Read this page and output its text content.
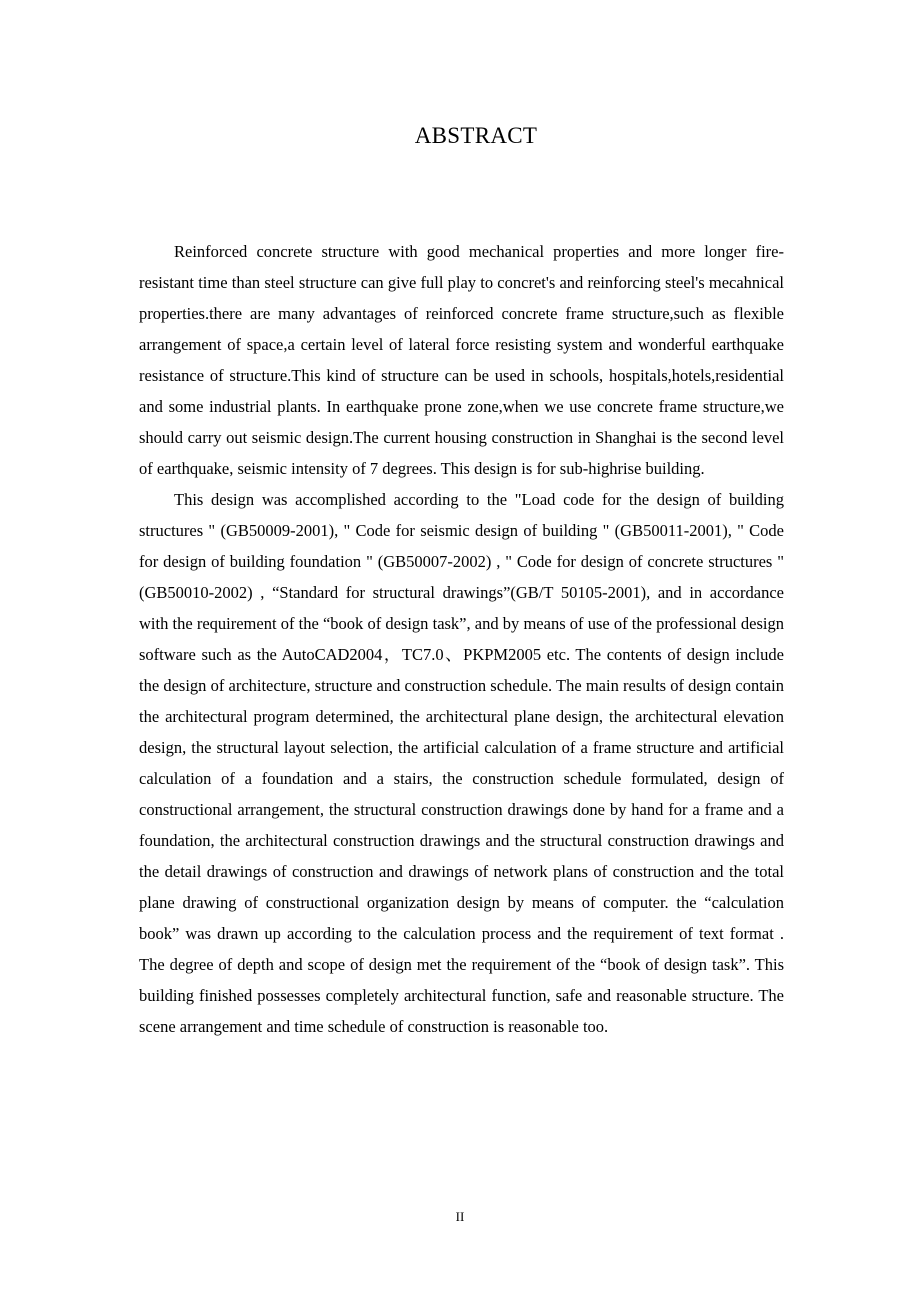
ABSTRACT

Reinforced concrete structure with good mechanical properties and more longer fire-resistant time than steel structure can give full play to concret's and reinforcing steel's mecahnical properties.there are many advantages of reinforced concrete frame structure,such as flexible arrangement of space,a certain level of lateral force resisting system and wonderful earthquake resistance of structure.This kind of structure can be used in schools, hospitals,hotels,residential and some industrial plants. In earthquake prone zone,when we use concrete frame structure,we should carry out seismic design.The current housing construction in Shanghai is the second level of earthquake, seismic intensity of 7 degrees. This design is for sub-highrise building.

This design was accomplished according to the "Load code for the design of building structures " (GB50009-2001), " Code for seismic design of building " (GB50011-2001), " Code for design of building foundation " (GB50007-2002) , " Code for design of concrete structures " (GB50010-2002) , “Standard for structural drawings”(GB/T 50105-2001), and in accordance with the requirement of the “book of design task”, and by means of use of the professional design software such as the AutoCAD2004，TC7.0、PKPM2005 etc. The contents of design include the design of architecture, structure and construction schedule. The main results of design contain the architectural program determined, the architectural plane design, the architectural elevation design, the structural layout selection, the artificial calculation of a frame structure and artificial calculation of a foundation and a stairs, the construction schedule formulated, design of constructional arrangement, the structural construction drawings done by hand for a frame and a foundation, the architectural construction drawings and the structural construction drawings and the detail drawings of construction and drawings of network plans of construction and the total plane drawing of constructional organization design by means of computer. the “calculation book” was drawn up according to the calculation process and the requirement of text format . The degree of depth and scope of design met the requirement of the “book of design task”. This building finished possesses completely architectural function, safe and reasonable structure. The scene arrangement and time schedule of construction is reasonable too.

II
